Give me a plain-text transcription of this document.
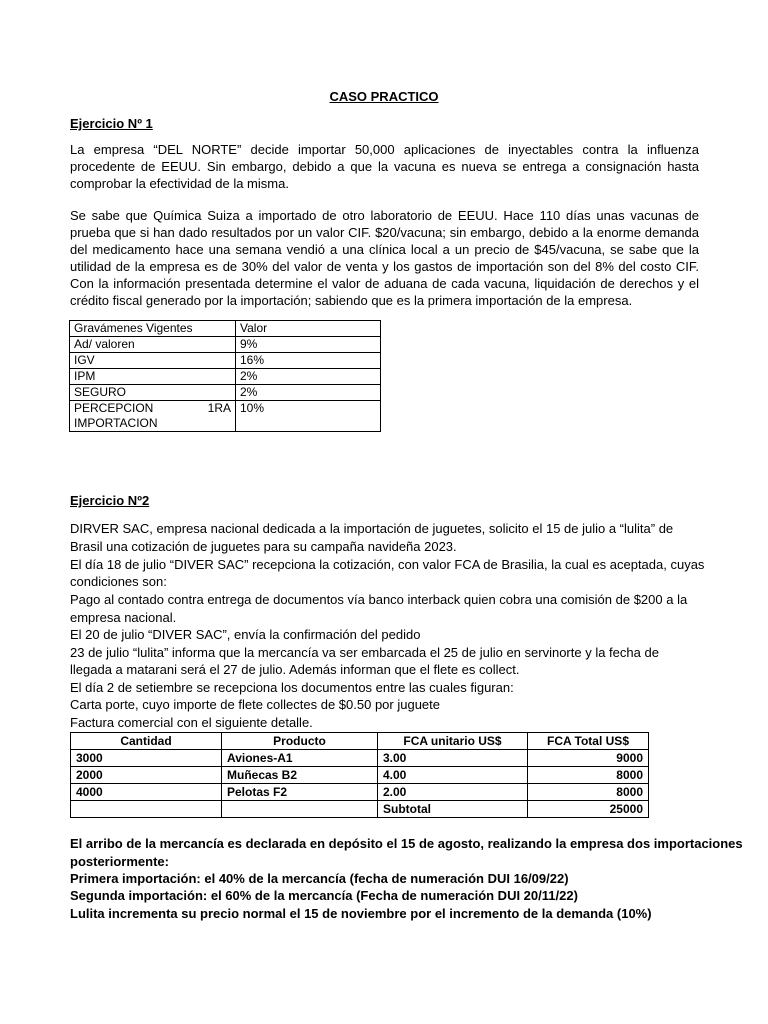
CASO PRACTICO
Ejercicio Nº 1

La empresa “DEL NORTE” decide importar 50,000 aplicaciones de inyectables contra la influenza procedente de EEUU. Sin embargo, debido a que la vacuna es nueva se entrega a consignación hasta comprobar la efectividad de la misma.

Se sabe que Química Suiza a importado de otro laboratorio de EEUU. Hace 110 días unas vacunas de prueba que si han dado resultados por un valor CIF. $20/vacuna; sin embargo, debido a la enorme demanda del medicamento hace una semana vendió a una clínica local a un precio de $45/vacuna, se sabe que la utilidad de la empresa es de 30% del valor de venta y los gastos de importación son del 8% del costo CIF. Con la información presentada determine el valor de aduana de cada vacuna, liquidación de derechos y el crédito fiscal generado por la importación; sabiendo que es la primera importación de la empresa.

Gravámenes Vigentes	Valor
Ad/ valoren	9%
IGV	16%
IPM	2%
SEGURO	2%

PERCEPCION 1RA
IMPORTACION	10%
Ejercicio Nº2

DIRVER SAC, empresa nacional dedicada a la importación de juguetes, solicito el 15 de julio a “lulita” de

Brasil una cotización de juguetes para su campaña navideña 2023.

El día 18 de julio “DIVER SAC” recepciona la cotización, con valor FCA de Brasilia, la cual es aceptada, cuyas

condiciones son:

Pago al contado contra entrega de documentos vía banco interback quien cobra una comisión de $200 a la

empresa nacional.

El 20 de julio “DIVER SAC”, envía la confirmación del pedido

23 de julio “lulita” informa que la mercancía va ser embarcada el 25 de julio en servinorte y la fecha de

llegada a matarani será el 27 de julio. Además informan que el flete es collect.

El día 2 de setiembre se recepciona los documentos entre las cuales figuran:

Carta porte, cuyo importe de flete collectes de $0.50 por juguete

Factura comercial con el siguiente detalle.

Cantidad	Producto	FCA unitario US$	FCA Total US$
3000	Aviones-A1	3.00	9000
2000	Muñecas B2	4.00	8000
4000	Pelotas F2	2.00	8000
		Subtotal	25000

El arribo de la mercancía es declarada en depósito el 15 de agosto, realizando la empresa dos importaciones

posteriormente:

Primera importación: el 40% de la mercancía (fecha de numeración DUI 16/09/22)

Segunda importación: el 60% de la mercancía (Fecha de numeración DUI 20/11/22)

Lulita incrementa su precio normal el 15 de noviembre por el incremento de la demanda (10%)
